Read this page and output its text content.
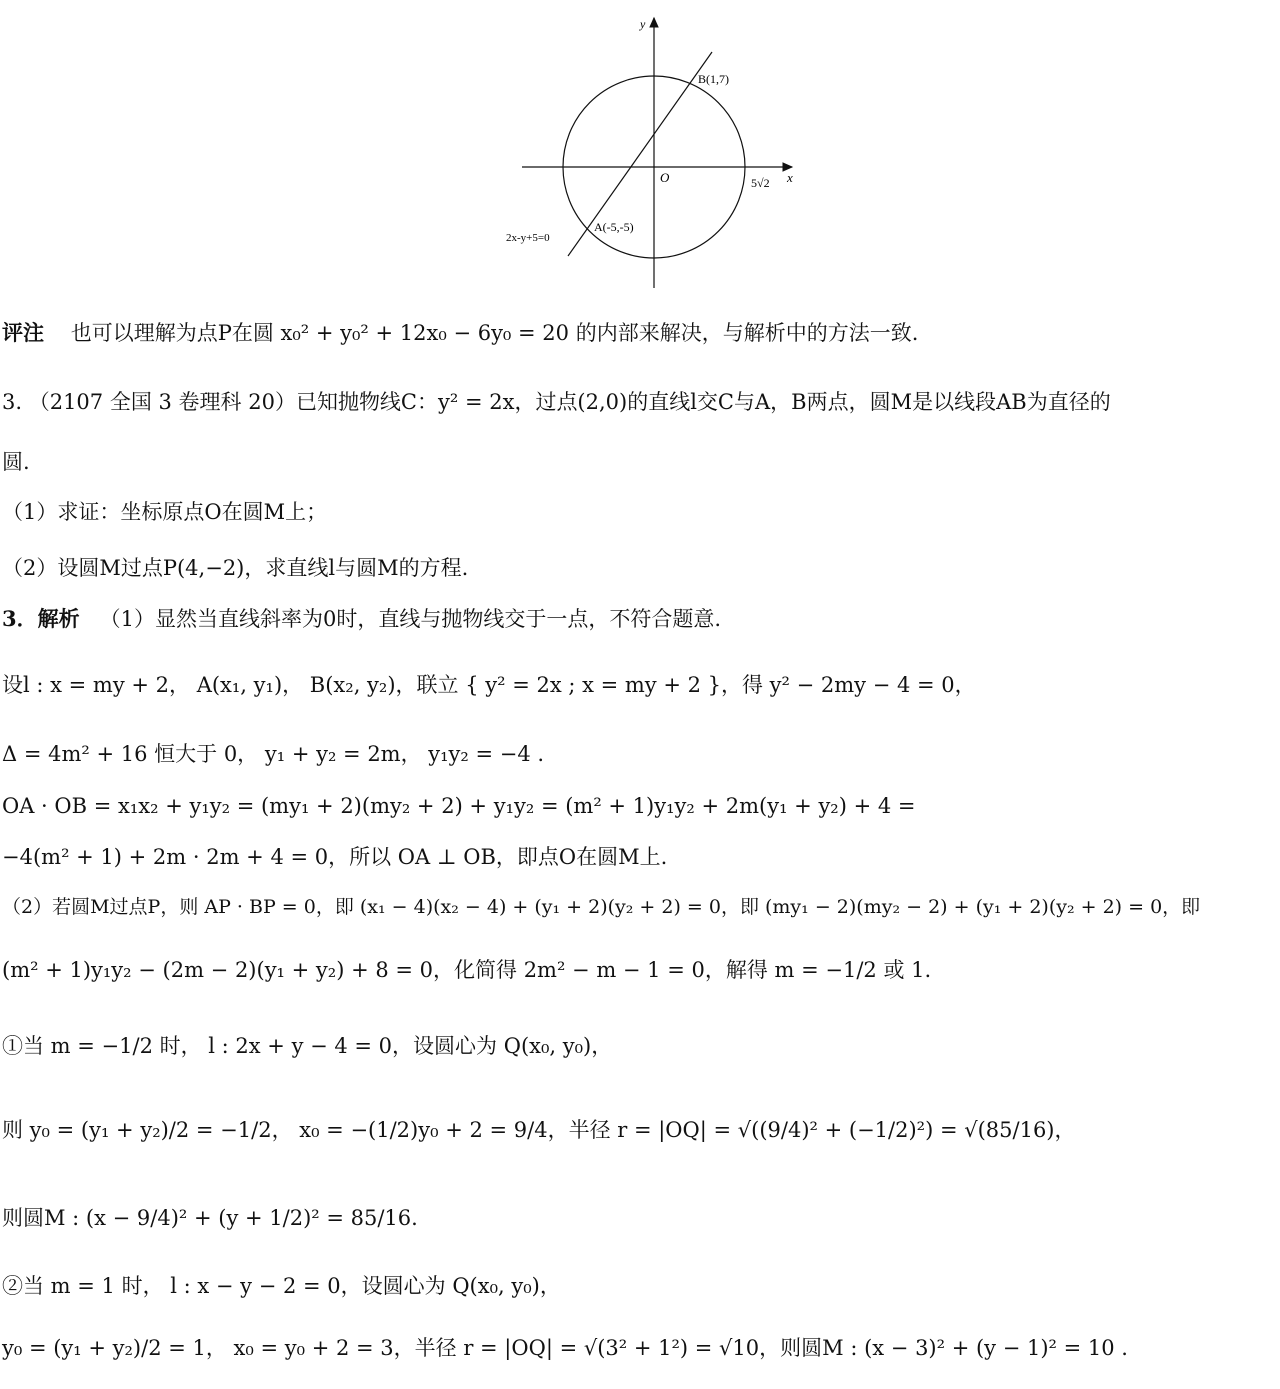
y
x
O
B(1,7)
A(-5,-5)
5√2
2x-y+5=0
评注 也可以理解为点P在圆 x₀² + y₀² + 12x₀ − 6y₀ = 20 的内部来解决，与解析中的方法一致.
3. （2107 全国 3 卷理科 20）已知抛物线C：y² = 2x，过点(2,0)的直线l交C与A，B两点，圆M是以线段AB为直径的
圆.
（1）求证：坐标原点O在圆M上；
（2）设圆M过点P(4,−2)，求直线l与圆M的方程.
3．解析 （1）显然当直线斜率为0时，直线与抛物线交于一点，不符合题意.
设l : x = my + 2， A(x₁, y₁)， B(x₂, y₂)，联立 { y² = 2x ; x = my + 2 }，得 y² − 2my − 4 = 0，
Δ = 4m² + 16 恒大于 0， y₁ + y₂ = 2m， y₁y₂ = −4 .
OA · OB = x₁x₂ + y₁y₂ = (my₁ + 2)(my₂ + 2) + y₁y₂ = (m² + 1)y₁y₂ + 2m(y₁ + y₂) + 4 =
−4(m² + 1) + 2m · 2m + 4 = 0，所以 OA ⊥ OB，即点O在圆M上.
（2）若圆M过点P，则 AP · BP = 0，即 (x₁ − 4)(x₂ − 4) + (y₁ + 2)(y₂ + 2) = 0，即 (my₁ − 2)(my₂ − 2) + (y₁ + 2)(y₂ + 2) = 0，即
(m² + 1)y₁y₂ − (2m − 2)(y₁ + y₂) + 8 = 0，化简得 2m² − m − 1 = 0，解得 m = −1/2 或 1.
①当 m = −1/2 时， l : 2x + y − 4 = 0，设圆心为 Q(x₀, y₀)，
则 y₀ = (y₁ + y₂)/2 = −1/2， x₀ = −(1/2)y₀ + 2 = 9/4，半径 r = |OQ| = √((9/4)² + (−1/2)²) = √(85/16)，
则圆M : (x − 9/4)² + (y + 1/2)² = 85/16.
②当 m = 1 时， l : x − y − 2 = 0，设圆心为 Q(x₀, y₀)，
y₀ = (y₁ + y₂)/2 = 1， x₀ = y₀ + 2 = 3，半径 r = |OQ| = √(3² + 1²) = √10，则圆M : (x − 3)² + (y − 1)² = 10 .
